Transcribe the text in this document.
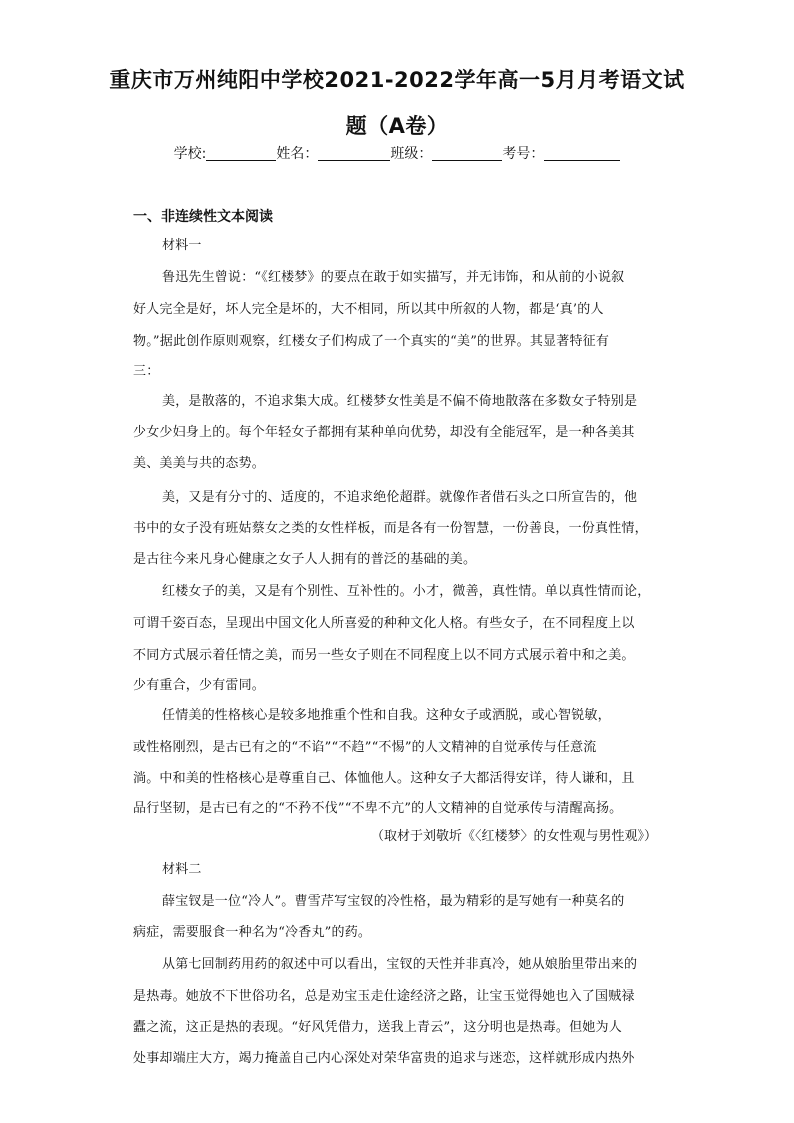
重庆市万州纯阳中学校2021-2022学年高一5月月考语文试
题（A卷）
学校:	姓名：	班级：	考号：
一、非连续性文本阅读
材料一
鲁迅先生曾说：“《红楼梦》的要点在敢于如实描写，并无讳饰，和从前的小说叙
好人完全是好，坏人完全是坏的，大不相同，所以其中所叙的人物，都是‘真’的人
物。”据此创作原则观察，红楼女子们构成了一个真实的“美”的世界。其显著特征有
三：
美，是散落的，不追求集大成。红楼梦女性美是不偏不倚地散落在多数女子特别是
少女少妇身上的。每个年轻女子都拥有某种单向优势，却没有全能冠军，是一种各美其
美、美美与共的态势。
美，又是有分寸的、适度的，不追求绝伦超群。就像作者借石头之口所宣告的，他
书中的女子没有班姑蔡女之类的女性样板，而是各有一份智慧，一份善良，一份真性情，
是古往今来凡身心健康之女子人人拥有的普泛的基础的美。
红楼女子的美，又是有个别性、互补性的。小才，微善，真性情。单以真性情而论，
可谓千姿百态，呈现出中国文化人所喜爱的种种文化人格。有些女子，在不同程度上以
不同方式展示着任情之美，而另一些女子则在不同程度上以不同方式展示着中和之美。
少有重合，少有雷同。
任情美的性格核心是较多地推重个性和自我。这种女子或洒脱，或心智锐敏，
或性格刚烈，是古已有之的“不谄”“不趋”“不惕”的人文精神的自觉承传与任意流
淌。中和美的性格核心是尊重自己、体恤他人。这种女子大都活得安详，待人谦和，且
品行坚韧，是古已有之的“不矜不伐”“不卑不亢”的人文精神的自觉承传与清醒高扬。
（取材于刘敬圻《〈红楼梦〉的女性观与男性观》）
材料二
薛宝钗是一位“冷人”。曹雪芹写宝钗的冷性格，最为精彩的是写她有一种莫名的
病症，需要服食一种名为“冷香丸”的药。
从第七回制药用药的叙述中可以看出，宝钗的天性并非真冷，她从娘胎里带出来的
是热毒。她放不下世俗功名，总是劝宝玉走仕途经济之路，让宝玉觉得她也入了国贼禄
蠹之流，这正是热的表现。“好风凭借力，送我上青云”，这分明也是热毒。但她为人
处事却端庄大方，竭力掩盖自己内心深处对荣华富贵的追求与迷恋，这样就形成内热外
